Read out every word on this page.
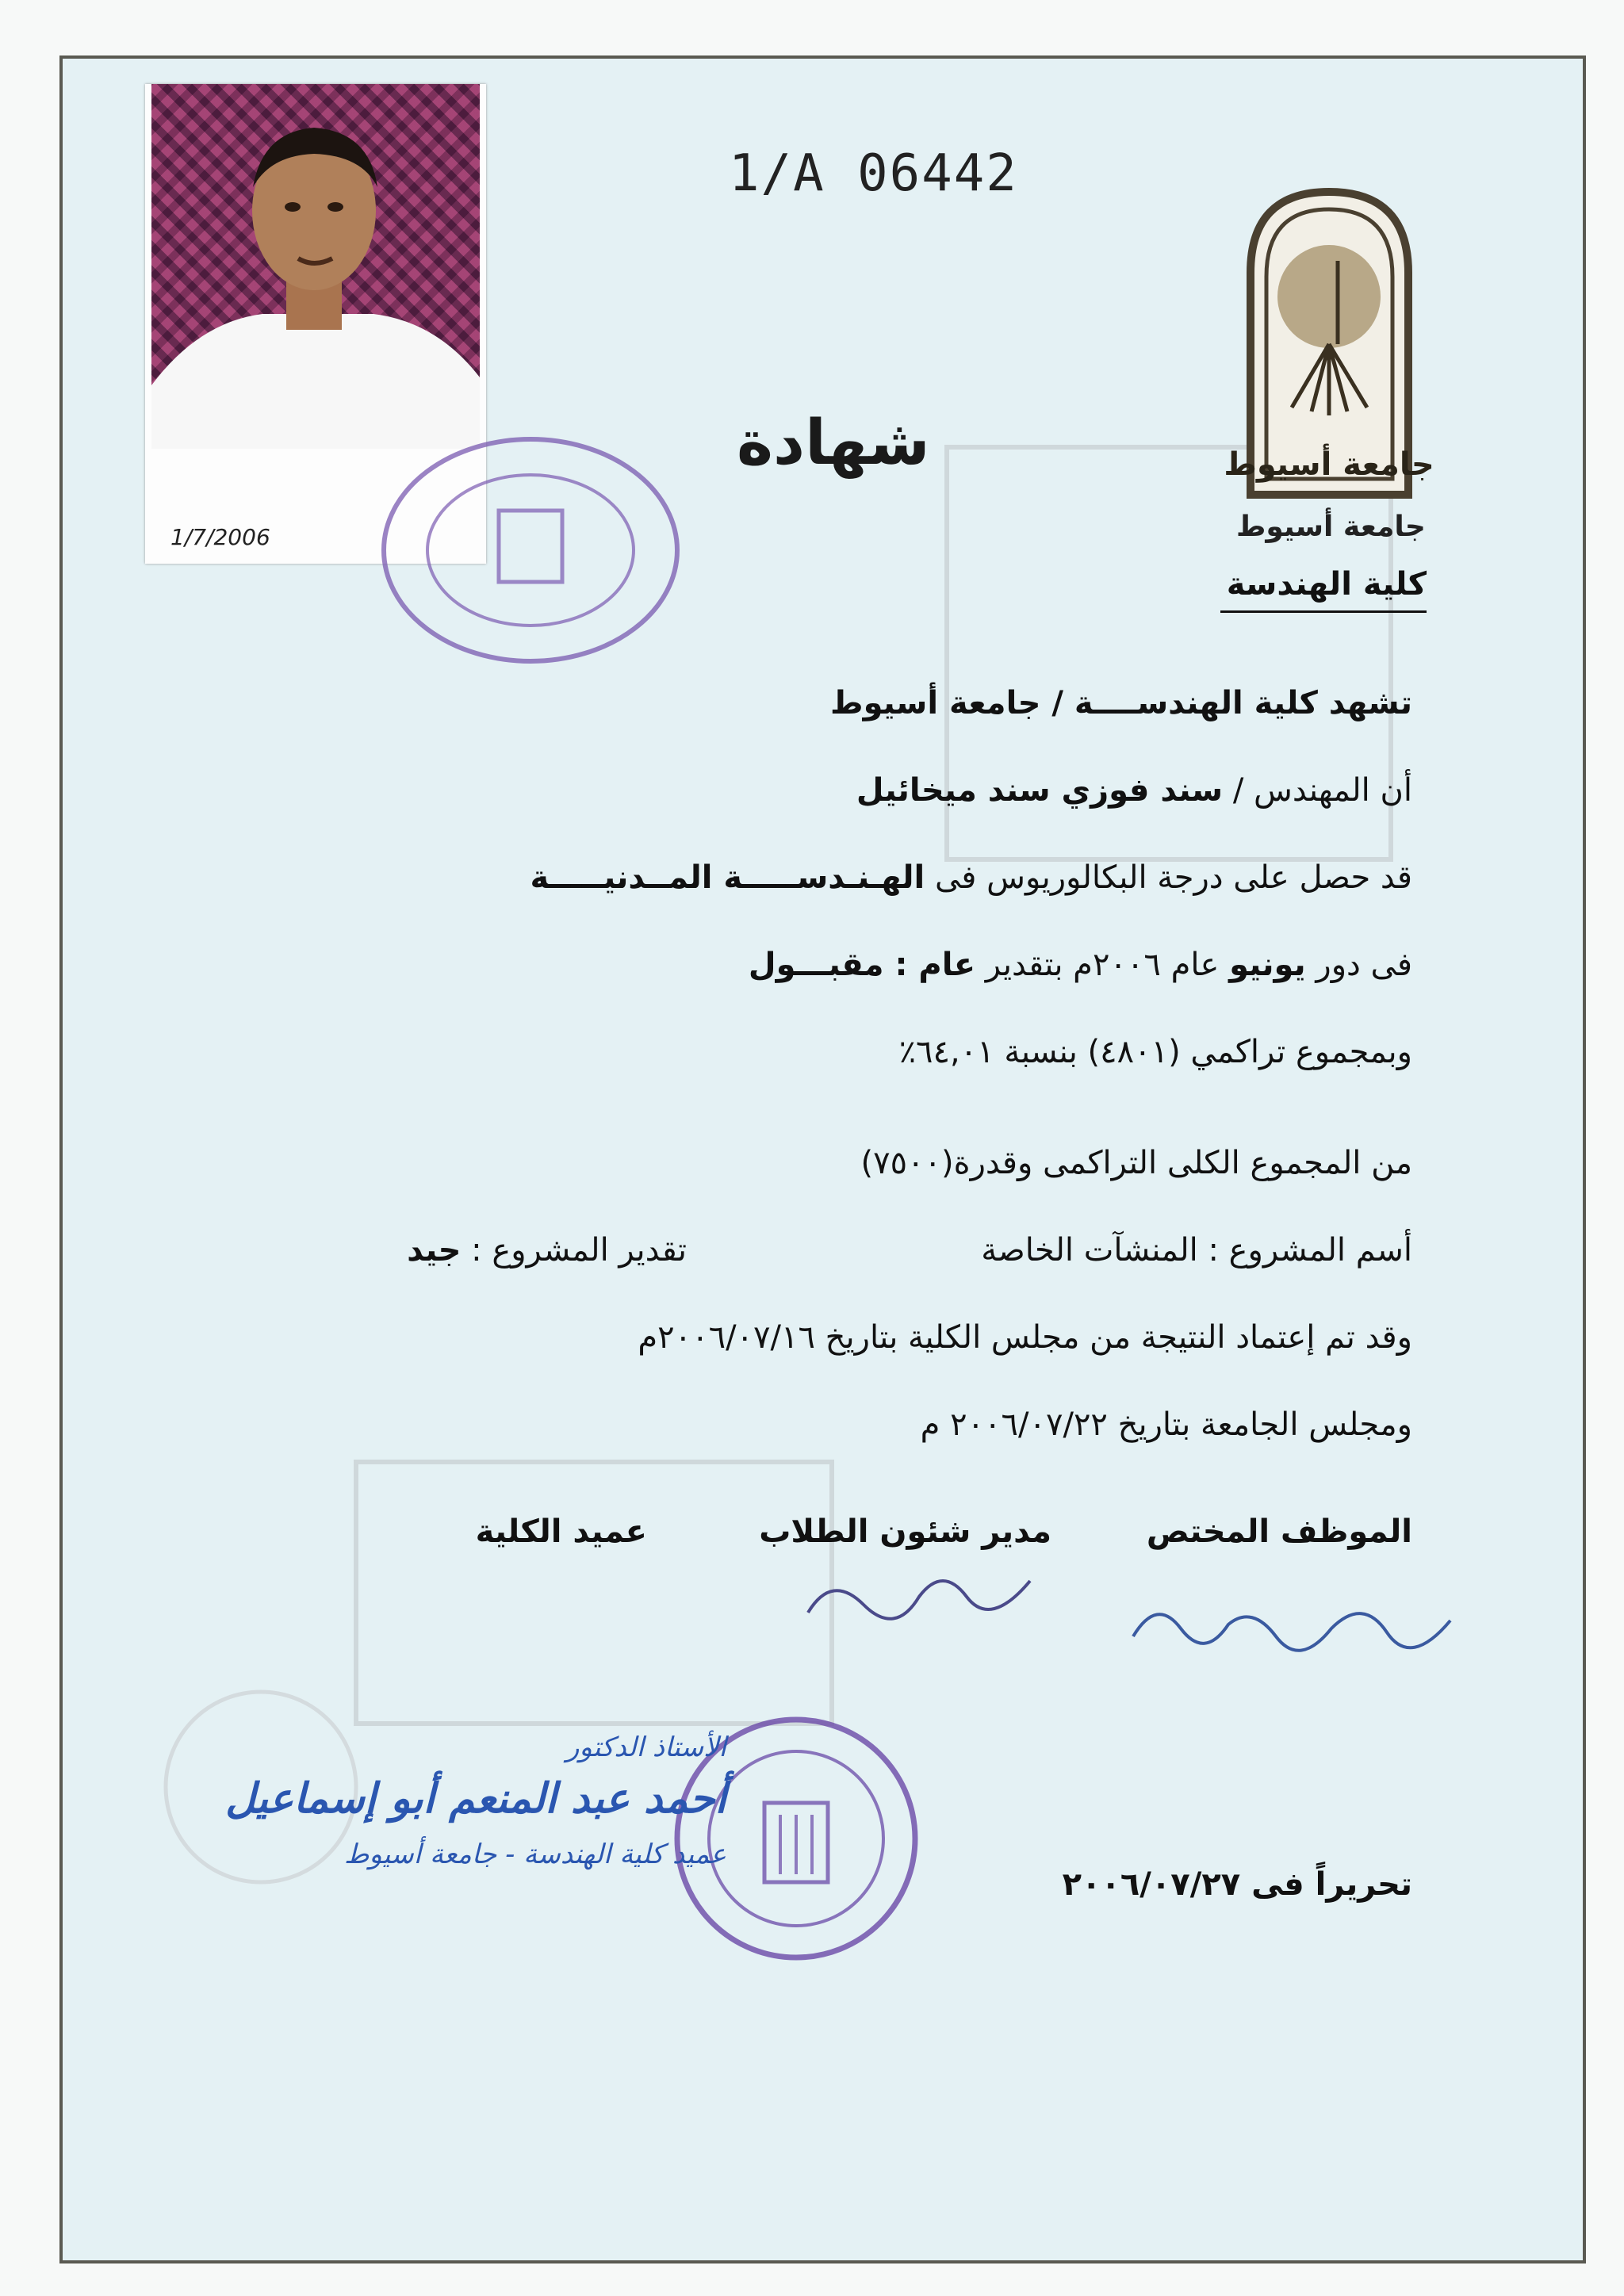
1/7/2006
1/A 06442
شهادة	جامعة أسيوط
جامعة أسيوط
كلية الهندسة
تشهد كلية الهندســــة / جامعة أسيوط
أن المهندس / سند فوزي سند ميخائيل
قد حصل على درجة البكالوريوس فى الهـنـدســـــة المــدنيـــــة
فى دور يونيو عام ٢٠٠٦م بتقدير عام : مقبـــول
وبمجموع تراكمي (٤٨٠١) بنسبة ٦٤,٠١٪
من المجموع الكلى التراكمى وقدرة(٧٥٠٠)
أسم المشروع : المنشآت الخاصة
تقدير المشروع : جيد
وقد تم إعتماد النتيجة من مجلس الكلية بتاريخ ٢٠٠٦/٠٧/١٦م
ومجلس الجامعة بتاريخ ٢٠٠٦/٠٧/٢٢ م
الموظف المختص
مدير شئون الطلاب
عميد الكلية
الأستاذ الدكتور
أحمد عبد المنعم أبو إسماعيل
عميد كلية الهندسة - جامعة أسيوط
تحريراً فى ٢٠٠٦/٠٧/٢٧
